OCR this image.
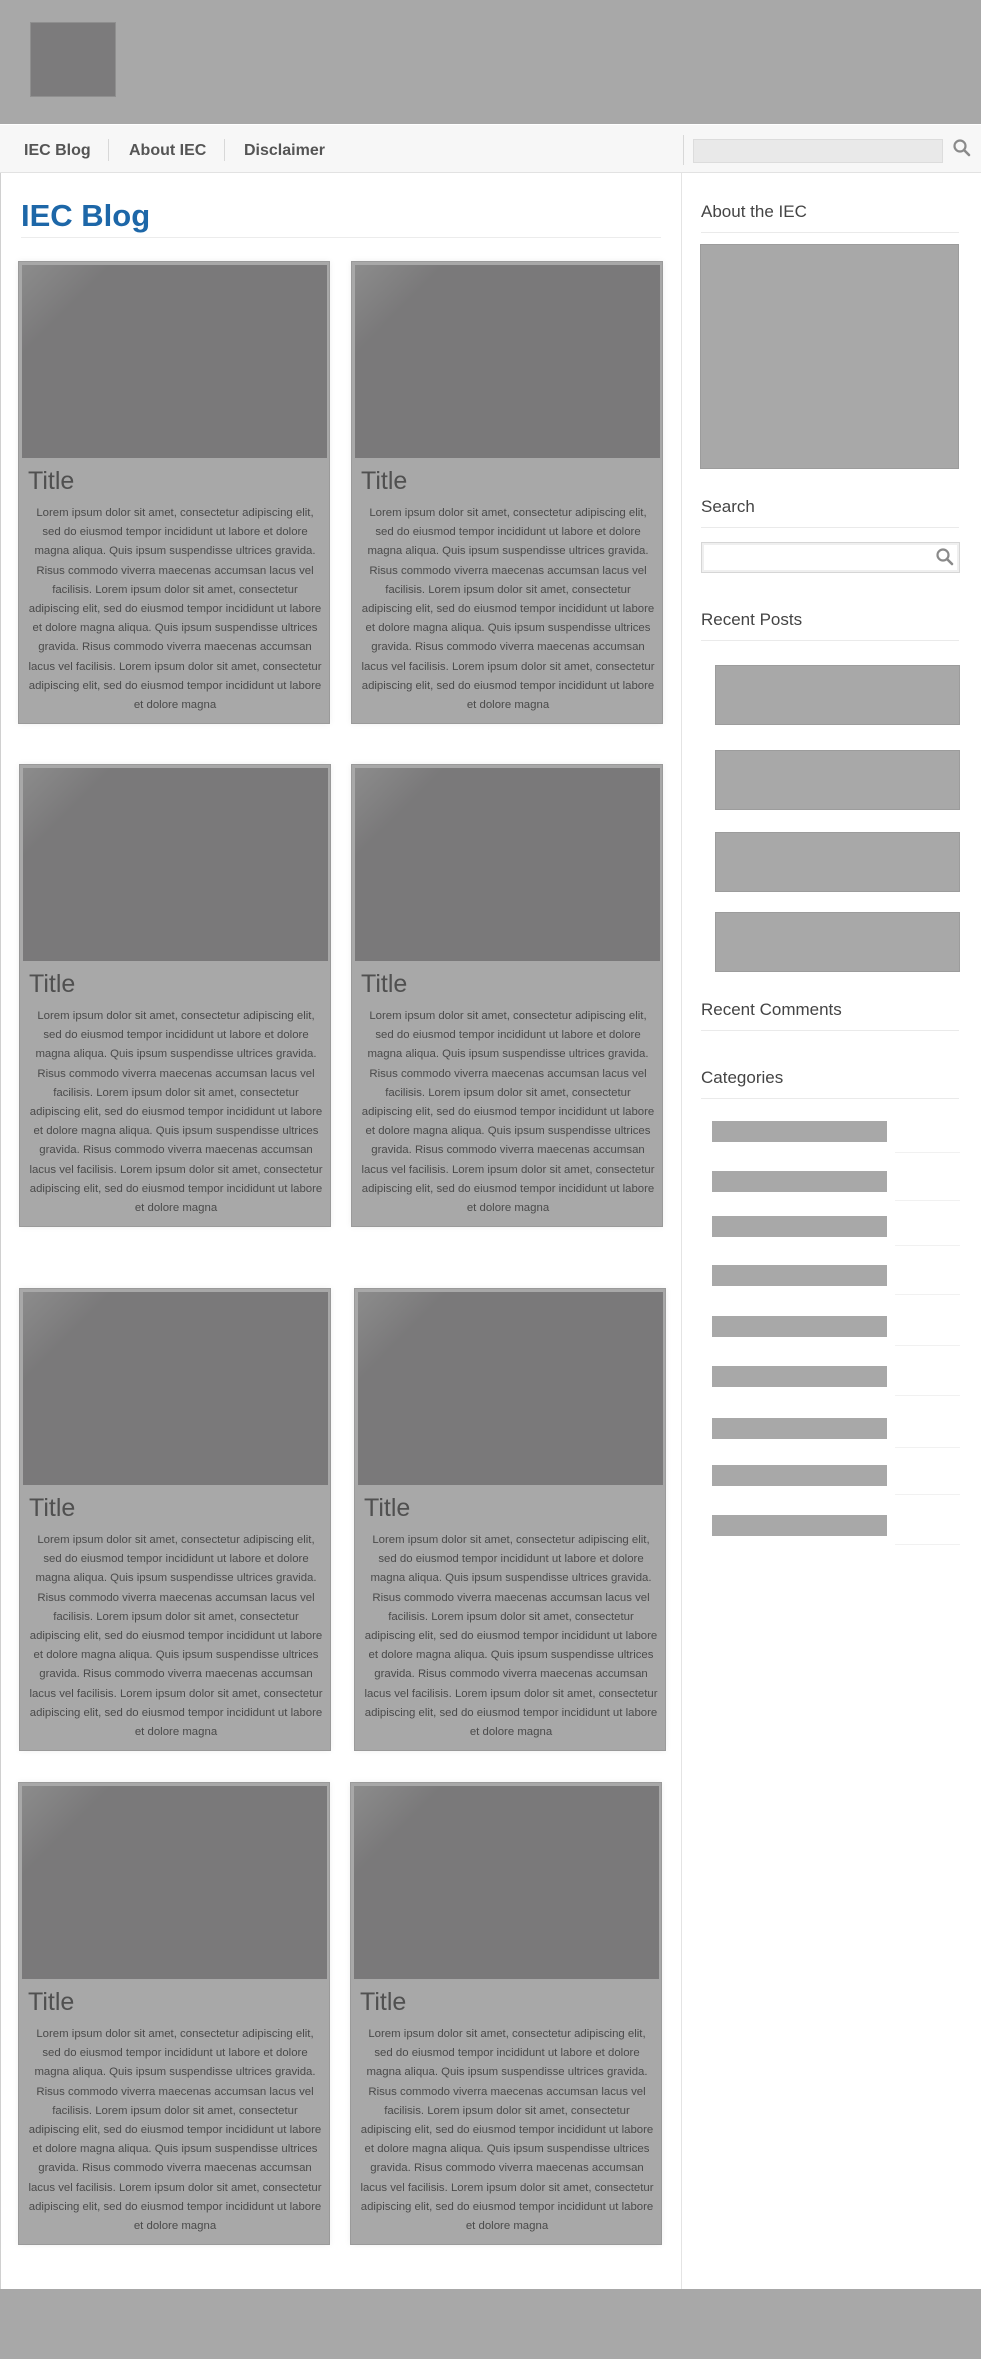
IEC Blog About IEC Disclaimer
IEC Blog
Title
Lorem ipsum dolor sit amet, consectetur adipiscing elit, sed do eiusmod tempor incididunt ut labore et dolore magna aliqua. Quis ipsum suspendisse ultrices gravida. Risus commodo viverra maecenas accumsan lacus vel facilisis. Lorem ipsum dolor sit amet, consectetur adipiscing elit, sed do eiusmod tempor incididunt ut labore et dolore magna aliqua. Quis ipsum suspendisse ultrices gravida. Risus commodo viverra maecenas accumsan lacus vel facilisis. Lorem ipsum dolor sit amet, consectetur adipiscing elit, sed do eiusmod tempor incididunt ut labore et dolore magna
Title
Lorem ipsum dolor sit amet, consectetur adipiscing elit, sed do eiusmod tempor incididunt ut labore et dolore magna aliqua. Quis ipsum suspendisse ultrices gravida. Risus commodo viverra maecenas accumsan lacus vel facilisis. Lorem ipsum dolor sit amet, consectetur adipiscing elit, sed do eiusmod tempor incididunt ut labore et dolore magna aliqua. Quis ipsum suspendisse ultrices gravida. Risus commodo viverra maecenas accumsan lacus vel facilisis. Lorem ipsum dolor sit amet, consectetur adipiscing elit, sed do eiusmod tempor incididunt ut labore et dolore magna
Title
Lorem ipsum dolor sit amet, consectetur adipiscing elit, sed do eiusmod tempor incididunt ut labore et dolore magna aliqua. Quis ipsum suspendisse ultrices gravida. Risus commodo viverra maecenas accumsan lacus vel facilisis. Lorem ipsum dolor sit amet, consectetur adipiscing elit, sed do eiusmod tempor incididunt ut labore et dolore magna aliqua. Quis ipsum suspendisse ultrices gravida. Risus commodo viverra maecenas accumsan lacus vel facilisis. Lorem ipsum dolor sit amet, consectetur adipiscing elit, sed do eiusmod tempor incididunt ut labore et dolore magna
Title
Lorem ipsum dolor sit amet, consectetur adipiscing elit, sed do eiusmod tempor incididunt ut labore et dolore magna aliqua. Quis ipsum suspendisse ultrices gravida. Risus commodo viverra maecenas accumsan lacus vel facilisis. Lorem ipsum dolor sit amet, consectetur adipiscing elit, sed do eiusmod tempor incididunt ut labore et dolore magna aliqua. Quis ipsum suspendisse ultrices gravida. Risus commodo viverra maecenas accumsan lacus vel facilisis. Lorem ipsum dolor sit amet, consectetur adipiscing elit, sed do eiusmod tempor incididunt ut labore et dolore magna
Title
Lorem ipsum dolor sit amet, consectetur adipiscing elit, sed do eiusmod tempor incididunt ut labore et dolore magna aliqua. Quis ipsum suspendisse ultrices gravida. Risus commodo viverra maecenas accumsan lacus vel facilisis. Lorem ipsum dolor sit amet, consectetur adipiscing elit, sed do eiusmod tempor incididunt ut labore et dolore magna aliqua. Quis ipsum suspendisse ultrices gravida. Risus commodo viverra maecenas accumsan lacus vel facilisis. Lorem ipsum dolor sit amet, consectetur adipiscing elit, sed do eiusmod tempor incididunt ut labore et dolore magna
Title
Lorem ipsum dolor sit amet, consectetur adipiscing elit, sed do eiusmod tempor incididunt ut labore et dolore magna aliqua. Quis ipsum suspendisse ultrices gravida. Risus commodo viverra maecenas accumsan lacus vel facilisis. Lorem ipsum dolor sit amet, consectetur adipiscing elit, sed do eiusmod tempor incididunt ut labore et dolore magna aliqua. Quis ipsum suspendisse ultrices gravida. Risus commodo viverra maecenas accumsan lacus vel facilisis. Lorem ipsum dolor sit amet, consectetur adipiscing elit, sed do eiusmod tempor incididunt ut labore et dolore magna
Title
Lorem ipsum dolor sit amet, consectetur adipiscing elit, sed do eiusmod tempor incididunt ut labore et dolore magna aliqua. Quis ipsum suspendisse ultrices gravida. Risus commodo viverra maecenas accumsan lacus vel facilisis. Lorem ipsum dolor sit amet, consectetur adipiscing elit, sed do eiusmod tempor incididunt ut labore et dolore magna aliqua. Quis ipsum suspendisse ultrices gravida. Risus commodo viverra maecenas accumsan lacus vel facilisis. Lorem ipsum dolor sit amet, consectetur adipiscing elit, sed do eiusmod tempor incididunt ut labore et dolore magna
Title
Lorem ipsum dolor sit amet, consectetur adipiscing elit, sed do eiusmod tempor incididunt ut labore et dolore magna aliqua. Quis ipsum suspendisse ultrices gravida. Risus commodo viverra maecenas accumsan lacus vel facilisis. Lorem ipsum dolor sit amet, consectetur adipiscing elit, sed do eiusmod tempor incididunt ut labore et dolore magna aliqua. Quis ipsum suspendisse ultrices gravida. Risus commodo viverra maecenas accumsan lacus vel facilisis. Lorem ipsum dolor sit amet, consectetur adipiscing elit, sed do eiusmod tempor incididunt ut labore et dolore magna
About the IEC
Search
Recent Posts
Recent Comments
Categories
